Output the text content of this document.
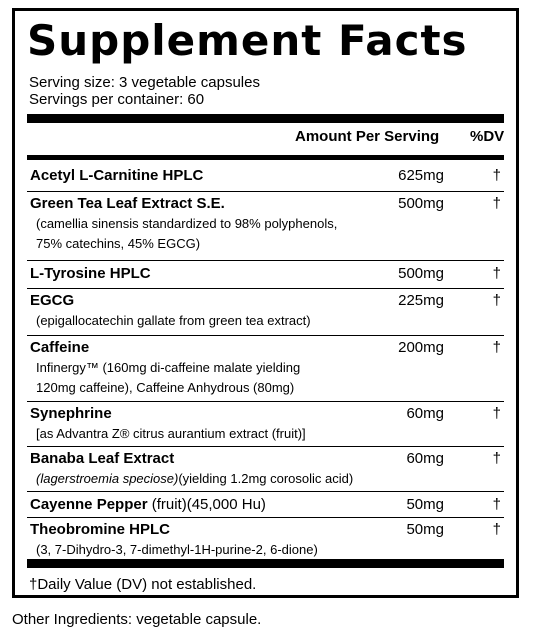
Supplement Facts
Serving size: 3 vegetable capsules
Servings per container: 60
Amount Per Serving %DV
Acetyl L-Carnitine HPLC	625mg	†
Green Tea Leaf Extract S.E.	500mg	†
(camellia sinensis standardized to 98% polyphenols,
75% catechins, 45% EGCG)
L-Tyrosine HPLC	500mg	†
EGCG	225mg	†
(epigallocatechin gallate from green tea extract)
Caffeine	200mg	†
Infinergy™ (160mg di-caffeine malate yielding
120mg caffeine), Caffeine Anhydrous (80mg)
Synephrine	60mg	†
[as Advantra Z® citrus aurantium extract (fruit)]
Banaba Leaf Extract	60mg	†
(lagerstroemia speciose)(yielding 1.2mg corosolic acid)
Cayenne Pepper (fruit)(45,000 Hu)	50mg	†
Theobromine HPLC	50mg	†
(3, 7-Dihydro-3, 7-dimethyl-1H-purine-2, 6-dione)
†Daily Value (DV) not established.
Other Ingredients: vegetable capsule.
